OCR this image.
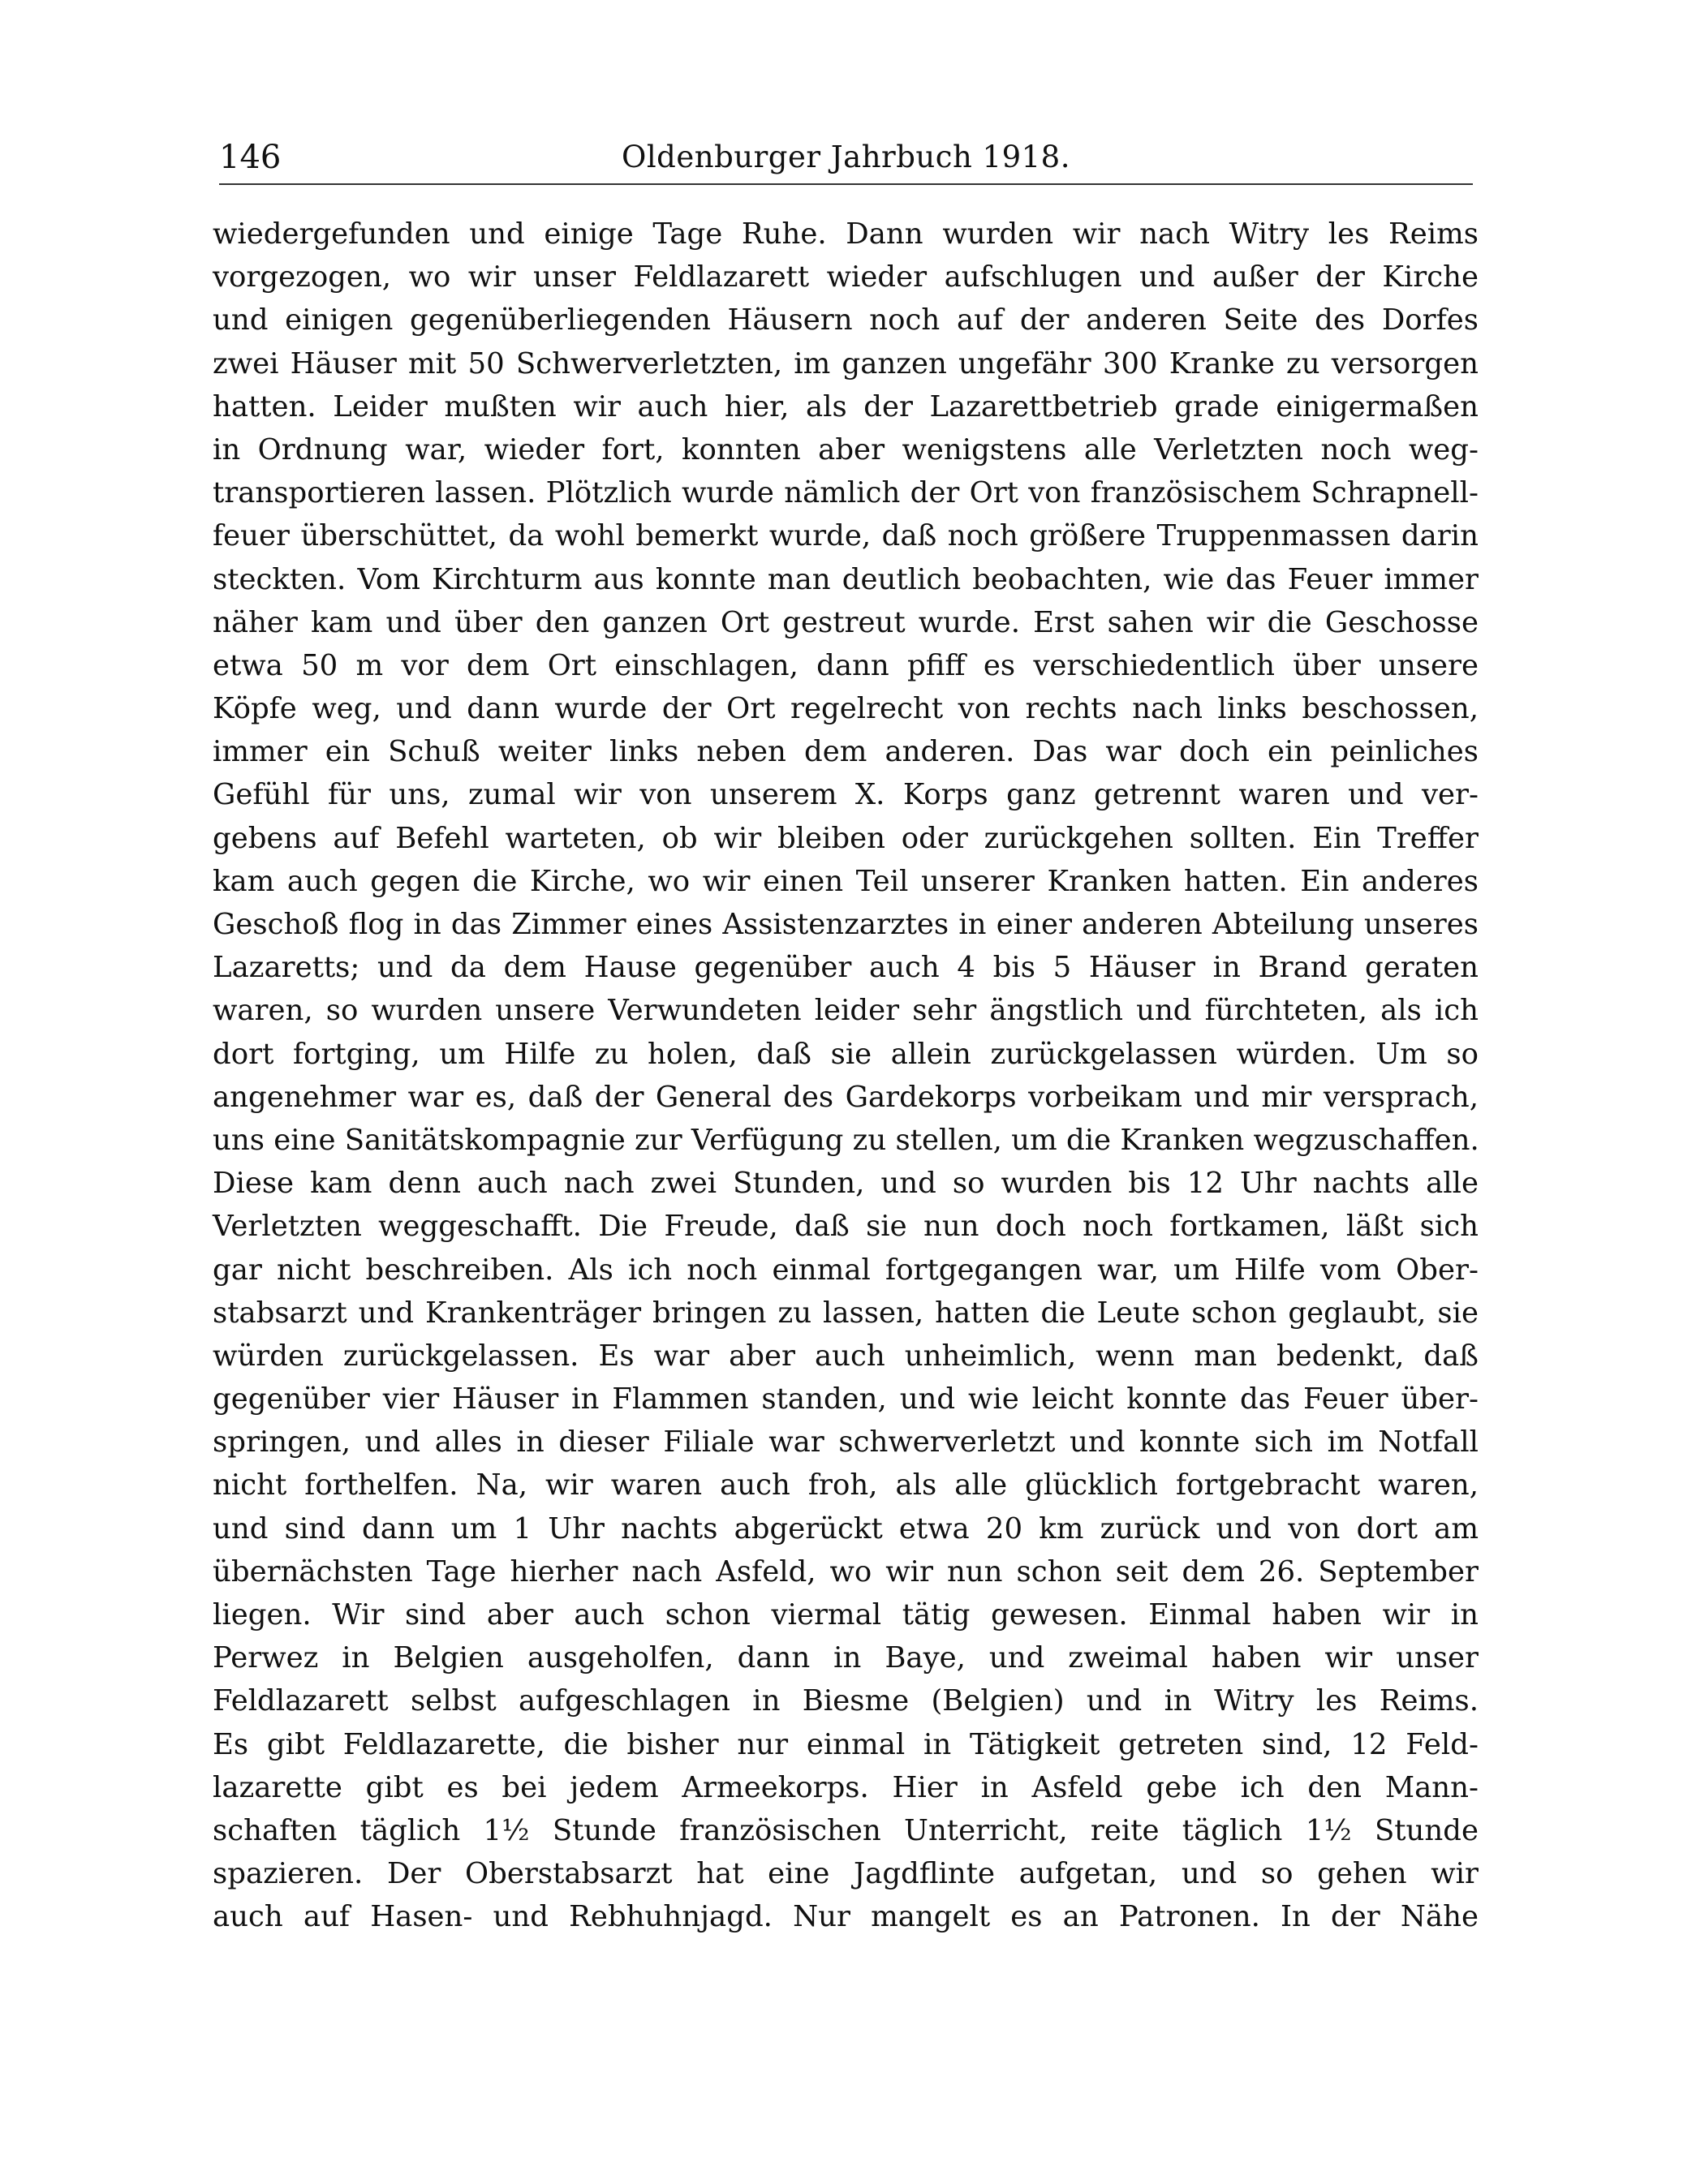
146	Oldenburger Jahrbuch 1918.
wiedergefunden und einige Tage Ruhe. Dann wurden wir nach Witry les Reims
vorgezogen, wo wir unser Feldlazarett wieder aufschlugen und außer der Kirche
und einigen gegenüberliegenden Häusern noch auf der anderen Seite des Dorfes
zwei Häuser mit 50 Schwerverletzten, im ganzen ungefähr 300 Kranke zu versorgen
hatten. Leider mußten wir auch hier, als der Lazarettbetrieb grade einigermaßen
in Ordnung war, wieder fort, konnten aber wenigstens alle Verletzten noch weg-
transportieren lassen. Plötzlich wurde nämlich der Ort von französischem Schrapnell-
feuer überschüttet, da wohl bemerkt wurde, daß noch größere Truppenmassen darin
steckten. Vom Kirchturm aus konnte man deutlich beobachten, wie das Feuer immer
näher kam und über den ganzen Ort gestreut wurde. Erst sahen wir die Geschosse
etwa 50 m vor dem Ort einschlagen, dann pfiff es verschiedentlich über unsere
Köpfe weg, und dann wurde der Ort regelrecht von rechts nach links beschossen,
immer ein Schuß weiter links neben dem anderen. Das war doch ein peinliches
Gefühl für uns, zumal wir von unserem X. Korps ganz getrennt waren und ver-
gebens auf Befehl warteten, ob wir bleiben oder zurückgehen sollten. Ein Treffer
kam auch gegen die Kirche, wo wir einen Teil unserer Kranken hatten. Ein anderes
Geschoß flog in das Zimmer eines Assistenzarztes in einer anderen Abteilung unseres
Lazaretts; und da dem Hause gegenüber auch 4 bis 5 Häuser in Brand geraten
waren, so wurden unsere Verwundeten leider sehr ängstlich und fürchteten, als ich
dort fortging, um Hilfe zu holen, daß sie allein zurückgelassen würden. Um so
angenehmer war es, daß der General des Gardekorps vorbeikam und mir versprach,
uns eine Sanitätskompagnie zur Verfügung zu stellen, um die Kranken wegzuschaffen.
Diese kam denn auch nach zwei Stunden, und so wurden bis 12 Uhr nachts alle
Verletzten weggeschafft. Die Freude, daß sie nun doch noch fortkamen, läßt sich
gar nicht beschreiben. Als ich noch einmal fortgegangen war, um Hilfe vom Ober-
stabsarzt und Krankenträger bringen zu lassen, hatten die Leute schon geglaubt, sie
würden zurückgelassen. Es war aber auch unheimlich, wenn man bedenkt, daß
gegenüber vier Häuser in Flammen standen, und wie leicht konnte das Feuer über-
springen, und alles in dieser Filiale war schwerverletzt und konnte sich im Notfall
nicht forthelfen. Na, wir waren auch froh, als alle glücklich fortgebracht waren,
und sind dann um 1 Uhr nachts abgerückt etwa 20 km zurück und von dort am
übernächsten Tage hierher nach Asfeld, wo wir nun schon seit dem 26. September
liegen. Wir sind aber auch schon viermal tätig gewesen. Einmal haben wir in
Perwez in Belgien ausgeholfen, dann in Baye, und zweimal haben wir unser
Feldlazarett selbst aufgeschlagen in Biesme (Belgien) und in Witry les Reims.
Es gibt Feldlazarette, die bisher nur einmal in Tätigkeit getreten sind, 12 Feld-
lazarette gibt es bei jedem Armeekorps. Hier in Asfeld gebe ich den Mann-
schaften täglich 1½ Stunde französischen Unterricht, reite täglich 1½ Stunde
spazieren. Der Oberstabsarzt hat eine Jagdflinte aufgetan, und so gehen wir
auch auf Hasen- und Rebhuhnjagd. Nur mangelt es an Patronen. In der Nähe
